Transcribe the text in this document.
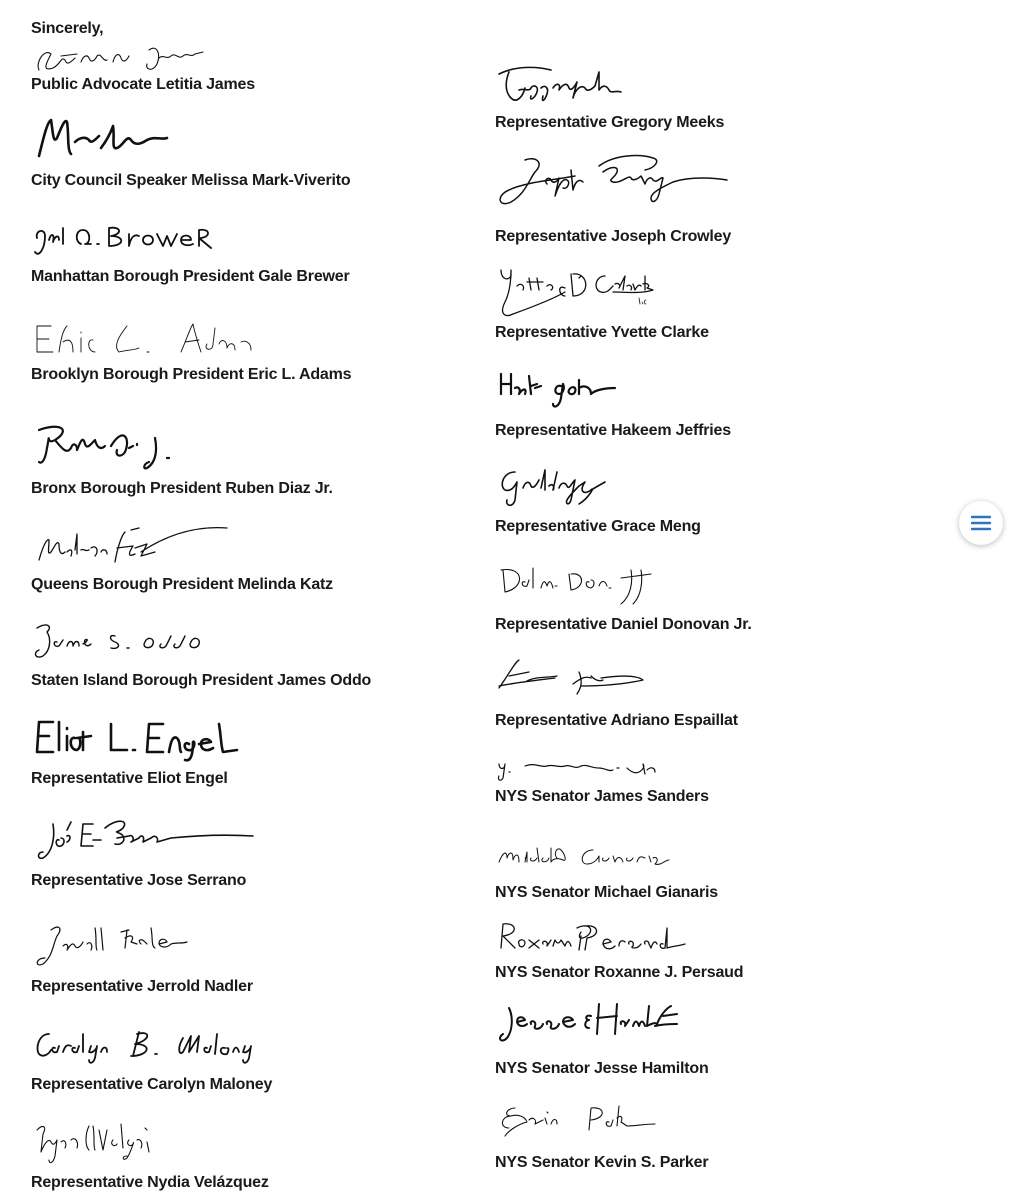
Sincerely,
Public Advocate Letitia James
City Council Speaker Melissa Mark-Viverito
Manhattan Borough President Gale Brewer
Brooklyn Borough President Eric L. Adams
Bronx Borough President Ruben Diaz Jr.
Queens Borough President Melinda Katz
Staten Island Borough President James Oddo
Representative Eliot Engel
Representative Jose Serrano
Representative Jerrold Nadler
Representative Carolyn Maloney
Representative Nydia Velázquez
Representative Gregory Meeks
Representative Joseph Crowley
Representative Yvette Clarke
Representative Hakeem Jeffries
Representative Grace Meng
Representative Daniel Donovan Jr.
Representative Adriano Espaillat
NYS Senator James Sanders
NYS Senator Michael Gianaris
NYS Senator Roxanne J. Persaud
NYS Senator Jesse Hamilton
NYS Senator Kevin S. Parker
